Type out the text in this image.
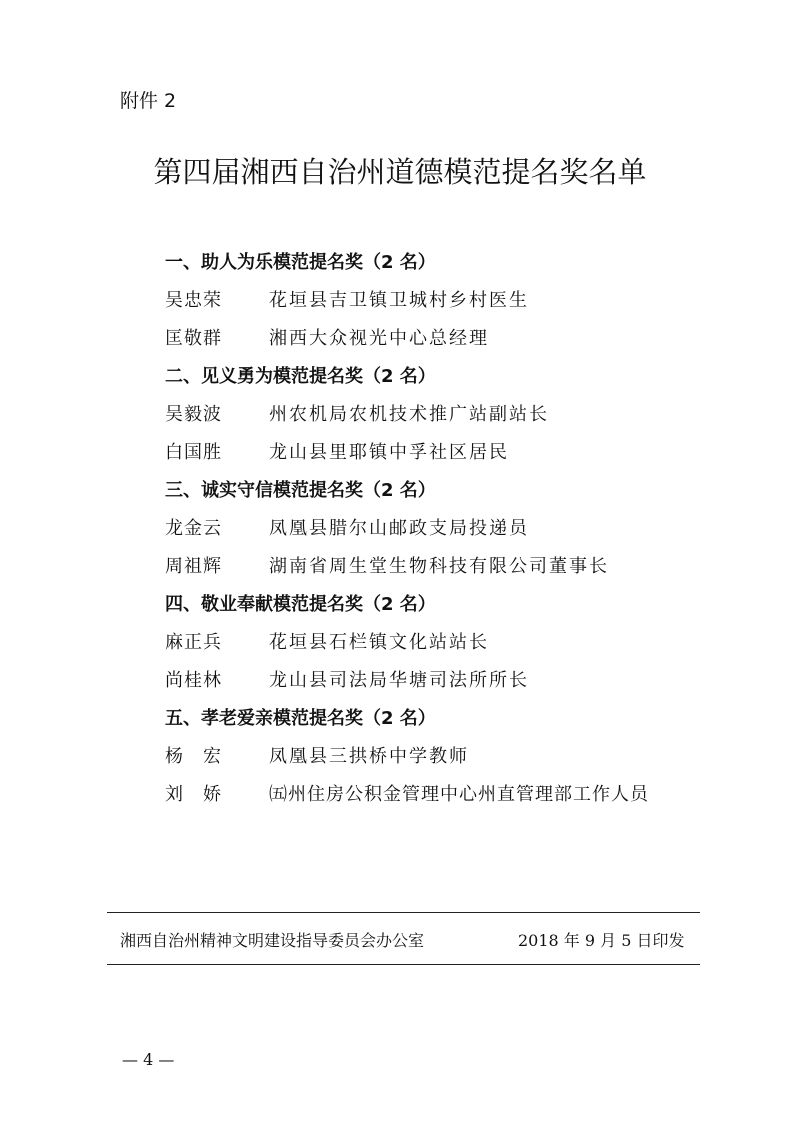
附件 2
第四届湘西自治州道德模范提名奖名单
一、助人为乐模范提名奖（2 名）
吴忠荣	花垣县吉卫镇卫城村乡村医生
匡敬群	湘西大众视光中心总经理
二、见义勇为模范提名奖（2 名）
吴毅波	州农机局农机技术推广站副站长
白国胜	龙山县里耶镇中孚社区居民
三、诚实守信模范提名奖（2 名）
龙金云	凤凰县腊尔山邮政支局投递员
周祖辉	湖南省周生堂生物科技有限公司董事长
四、敬业奉献模范提名奖（2 名）
麻正兵	花垣县石栏镇文化站站长
尚桂林	龙山县司法局华塘司法所所长
五、孝老爱亲模范提名奖（2 名）
杨　宏	凤凰县三拱桥中学教师
刘　娇	㈤州住房公积金管理中心州直管理部工作人员
湘西自治州精神文明建设指导委员会办公室	2018 年 9 月 5 日印发
— 4 —
